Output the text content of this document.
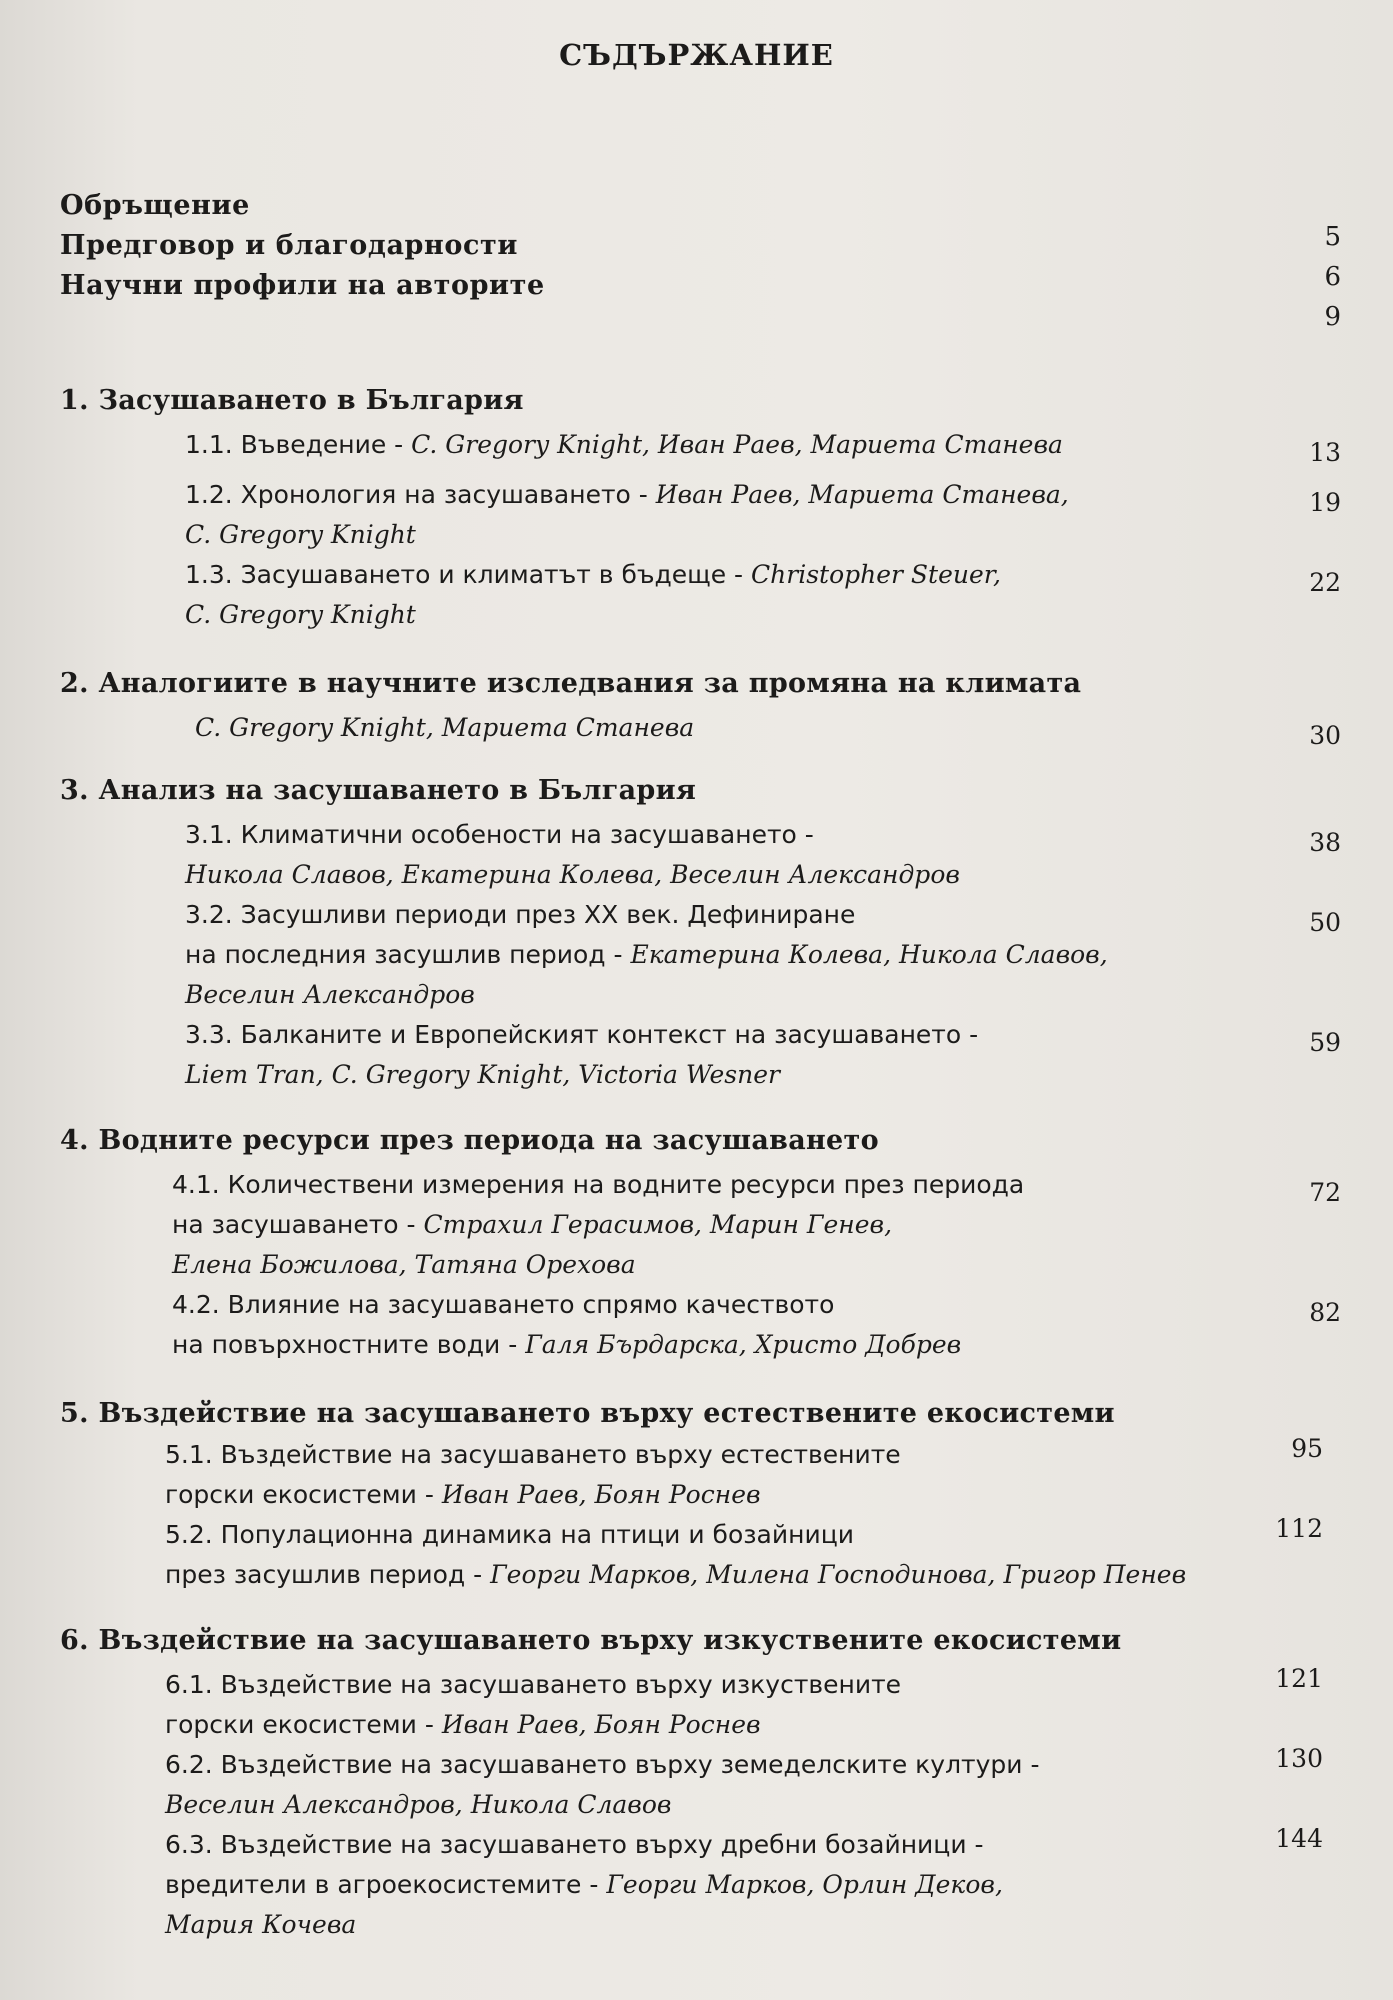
СЪДЪРЖАНИЕ
Обръщение
5
Предговор и благодарности
6
Научни профили на авторите
9
1. Засушаването в България
1.1. Въведение - C. Gregory Knight, Иван Раев, Мариета Станева	13
1.2. Хронология на засушаването - Иван Раев, Мариета Станева,
C. Gregory Knight
19
1.3. Засушаването и климатът в бъдеще - Christopher Steuer,
C. Gregory Knight
22
2. Аналогиите в научните изследвания за промяна на климата
C. Gregory Knight, Мариета Станева	30
3. Анализ на засушаването в България
3.1. Климатични особености на засушаването -
Никола Славов, Екатерина Колева, Веселин Александров
38
3.2. Засушливи периоди през XX век. Дефиниране
на последния засушлив период - Екатерина Колева, Никола Славов,
Веселин Александров
50
3.3. Балканите и Европейският контекст на засушаването -
Liem Tran, C. Gregory Knight, Victoria Wesner
59
4. Водните ресурси през периода на засушаването
4.1. Количествени измерения на водните ресурси през периода
на засушаването - Страхил Герасимов, Марин Генев,
Елена Божилова, Татяна Орехова
72
4.2. Влияние на засушаването спрямо качеството
на повърхностните води - Галя Бърдарска, Христо Добрев
82
5. Въздействие на засушаването върху естествените екосистеми
5.1. Въздействие на засушаването върху естествените
горски екосистеми - Иван Раев, Боян Роснев
95
5.2. Популационна динамика на птици и бозайници
през засушлив период - Георги Марков, Милена Господинова, Григор Пенев
112
6. Въздействие на засушаването върху изкуствените екосистеми
6.1. Въздействие на засушаването върху изкуствените
горски екосистеми - Иван Раев, Боян Роснев
121
6.2. Въздействие на засушаването върху земеделските култури -
Веселин Александров, Никола Славов
130
6.3. Въздействие на засушаването върху дребни бозайници -
вредители в агроекосистемите - Георги Марков, Орлин Деков,
Мария Кочева
144
